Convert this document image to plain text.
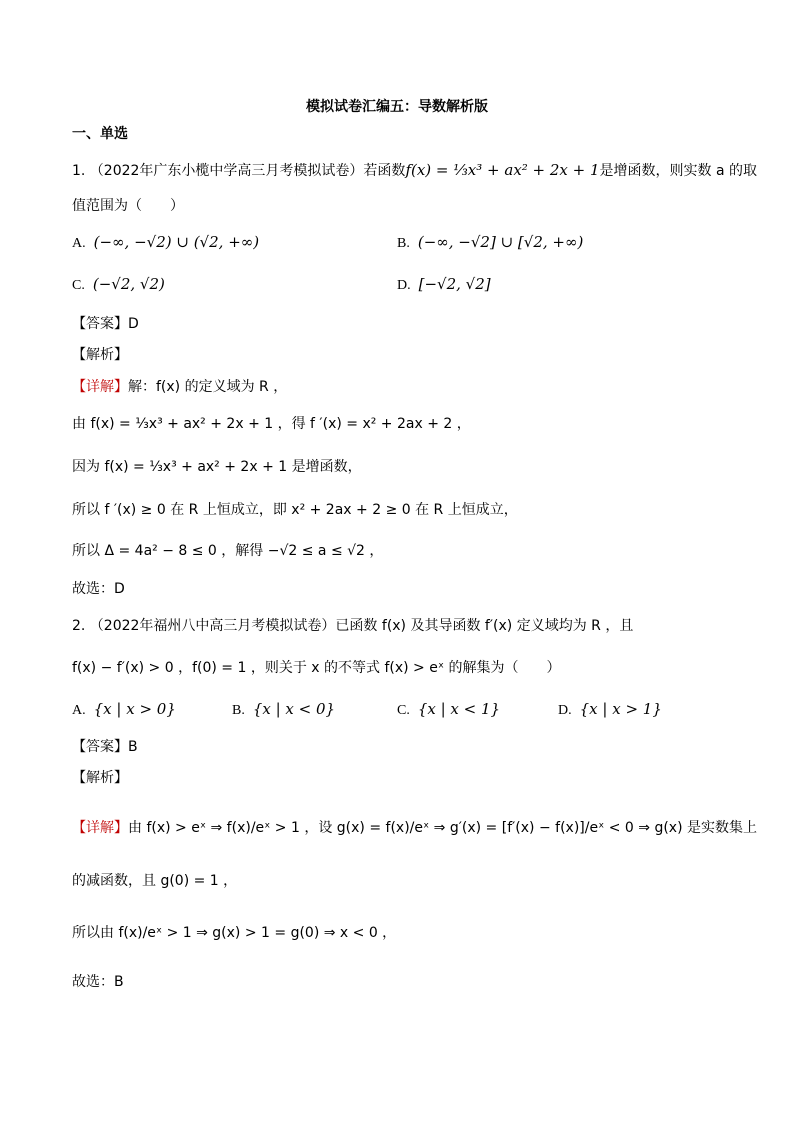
模拟试卷汇编五：导数解析版
一、单选
1. （2022年广东小榄中学高三月考模拟试卷）若函数f(x) = ⅓x³ + ax² + 2x + 1是增函数，则实数 a 的取
值范围为（　　）
A. (−∞, −√2) ∪ (√2, +∞)	B. (−∞, −√2] ∪ [√2, +∞)
C. (−√2, √2)	D. [−√2, √2]
【答案】D
【解析】
【详解】解：f(x) 的定义域为 R ，
由 f(x) = ⅓x³ + ax² + 2x + 1 ，得 f ′(x) = x² + 2ax + 2 ，
因为 f(x) = ⅓x³ + ax² + 2x + 1 是增函数，
所以 f ′(x) ≥ 0 在 R 上恒成立，即 x² + 2ax + 2 ≥ 0 在 R 上恒成立，
所以 Δ = 4a² − 8 ≤ 0 ，解得 −√2 ≤ a ≤ √2 ，
故选：D
2. （2022年福州八中高三月考模拟试卷）已函数 f(x) 及其导函数 f′(x) 定义域均为 R ，且
f(x) − f′(x) > 0 ，f(0) = 1 ，则关于 x 的不等式 f(x) > eˣ 的解集为（　　）
A. {x | x > 0}	B. {x | x < 0}	C. {x | x < 1}	D. {x | x > 1}
【答案】B
【解析】
【详解】由 f(x) > eˣ ⇒ f(x)/eˣ > 1 ，设 g(x) = f(x)/eˣ ⇒ g′(x) = [f′(x) − f(x)]/eˣ < 0 ⇒ g(x) 是实数集上
的减函数，且 g(0) = 1 ，
所以由 f(x)/eˣ > 1 ⇒ g(x) > 1 = g(0) ⇒ x < 0 ，
故选：B
